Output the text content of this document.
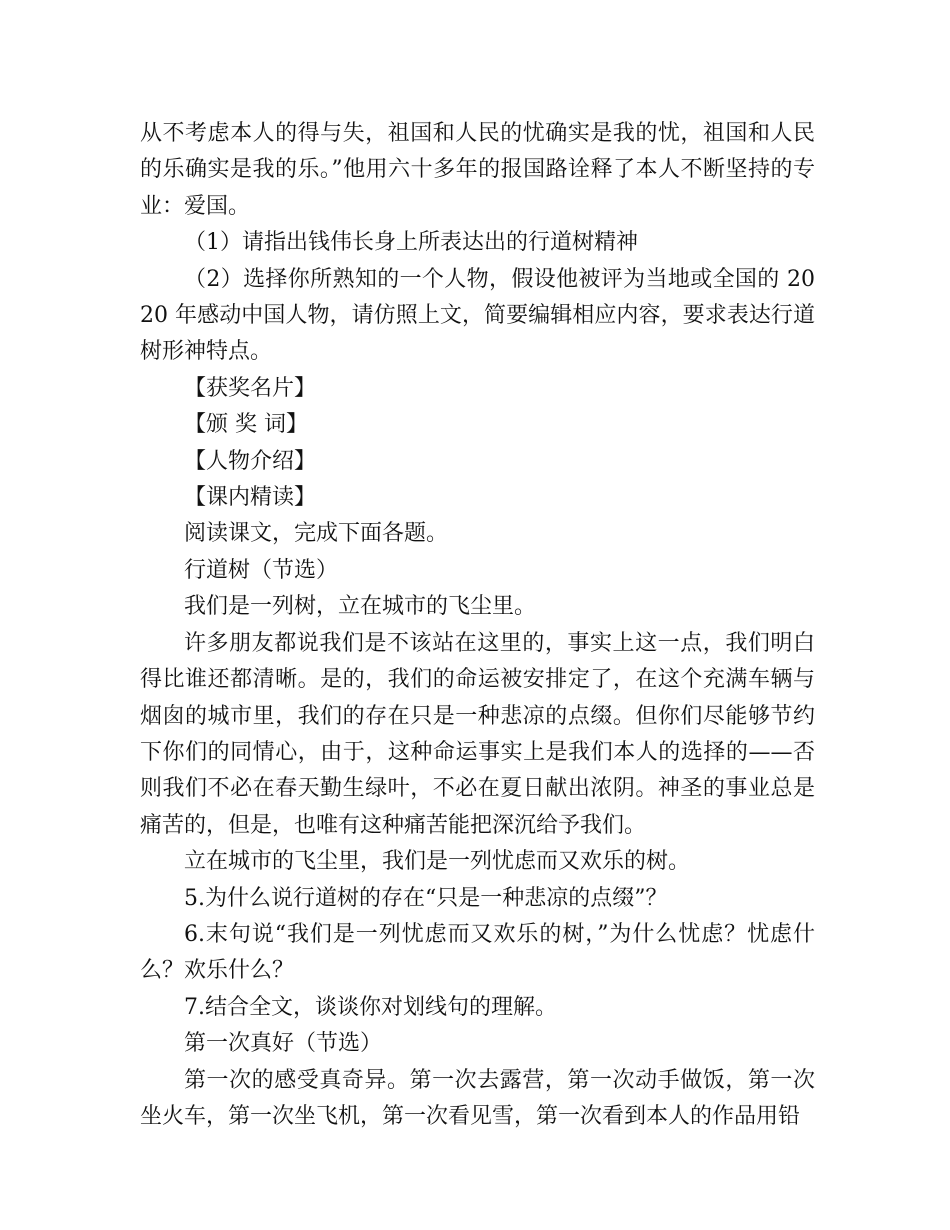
从不考虑本人的得与失，祖国和人民的忧确实是我的忧，祖国和人民的乐确实是我的乐。”他用六十多年的报国路诠释了本人不断坚持的专业：爱国。

（1）请指出钱伟长身上所表达出的行道树精神

（2）选择你所熟知的一个人物，假设他被评为当地或全国的 2020 年感动中国人物，请仿照上文，简要编辑相应内容，要求表达行道树形神特点。

【获奖名片】

【颁 奖 词】

【人物介绍】

【课内精读】

阅读课文，完成下面各题。

行道树（节选）

我们是一列树，立在城市的飞尘里。

许多朋友都说我们是不该站在这里的，事实上这一点，我们明白得比谁还都清晰。是的，我们的命运被安排定了，在这个充满车辆与烟囱的城市里，我们的存在只是一种悲凉的点缀。但你们尽能够节约下你们的同情心，由于，这种命运事实上是我们本人的选择的——否则我们不必在春天勤生绿叶，不必在夏日献出浓阴。神圣的事业总是痛苦的，但是，也唯有这种痛苦能把深沉给予我们。

立在城市的飞尘里，我们是一列忧虑而又欢乐的树。

5.为什么说行道树的存在“只是一种悲凉的点缀”？

6.末句说“我们是一列忧虑而又欢乐的树，”为什么忧虑？忧虑什么？欢乐什么？

7.结合全文，谈谈你对划线句的理解。

第一次真好（节选）

第一次的感受真奇异。第一次去露营，第一次动手做饭，第一次坐火车，第一次坐飞机，第一次看见雪，第一次看到本人的作品用铅
